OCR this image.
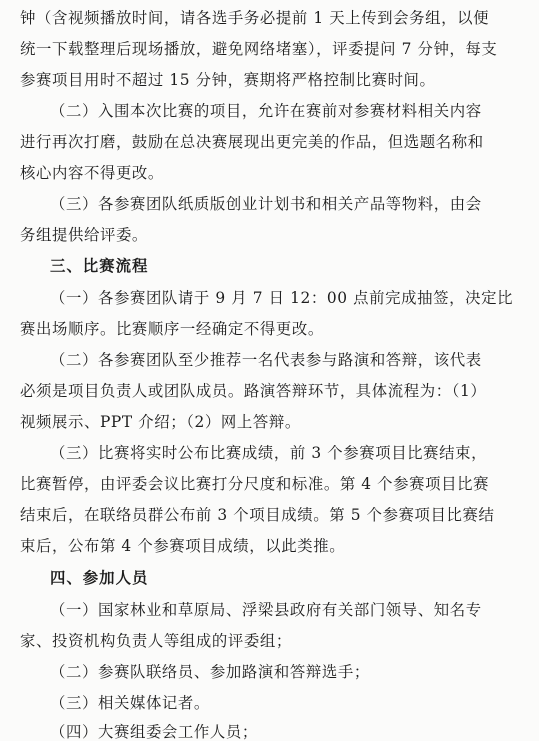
钟（含视频播放时间，请各选手务必提前 1 天上传到会务组，以便
统一下载整理后现场播放，避免网络堵塞），评委提问 7 分钟，每支
参赛项目用时不超过 15 分钟，赛期将严格控制比赛时间。
（二）入围本次比赛的项目，允许在赛前对参赛材料相关内容
进行再次打磨，鼓励在总决赛展现出更完美的作品，但选题名称和
核心内容不得更改。
（三）各参赛团队纸质版创业计划书和相关产品等物料，由会
务组提供给评委。
三、比赛流程
（一）各参赛团队请于 9 月 7 日 12：00 点前完成抽签，决定比
赛出场顺序。比赛顺序一经确定不得更改。
（二）各参赛团队至少推荐一名代表参与路演和答辩，该代表
必须是项目负责人或团队成员。路演答辩环节，具体流程为：（1）
视频展示、PPT 介绍；（2）网上答辩。
（三）比赛将实时公布比赛成绩，前 3 个参赛项目比赛结束，
比赛暂停，由评委会议比赛打分尺度和标准。第 4 个参赛项目比赛
结束后，在联络员群公布前 3 个项目成绩。第 5 个参赛项目比赛结
束后，公布第 4 个参赛项目成绩，以此类推。
四、参加人员
（一）国家林业和草原局、浮梁县政府有关部门领导、知名专
家、投资机构负责人等组成的评委组；
（二）参赛队联络员、参加路演和答辩选手；
（三）相关媒体记者。
（四）大赛组委会工作人员；
